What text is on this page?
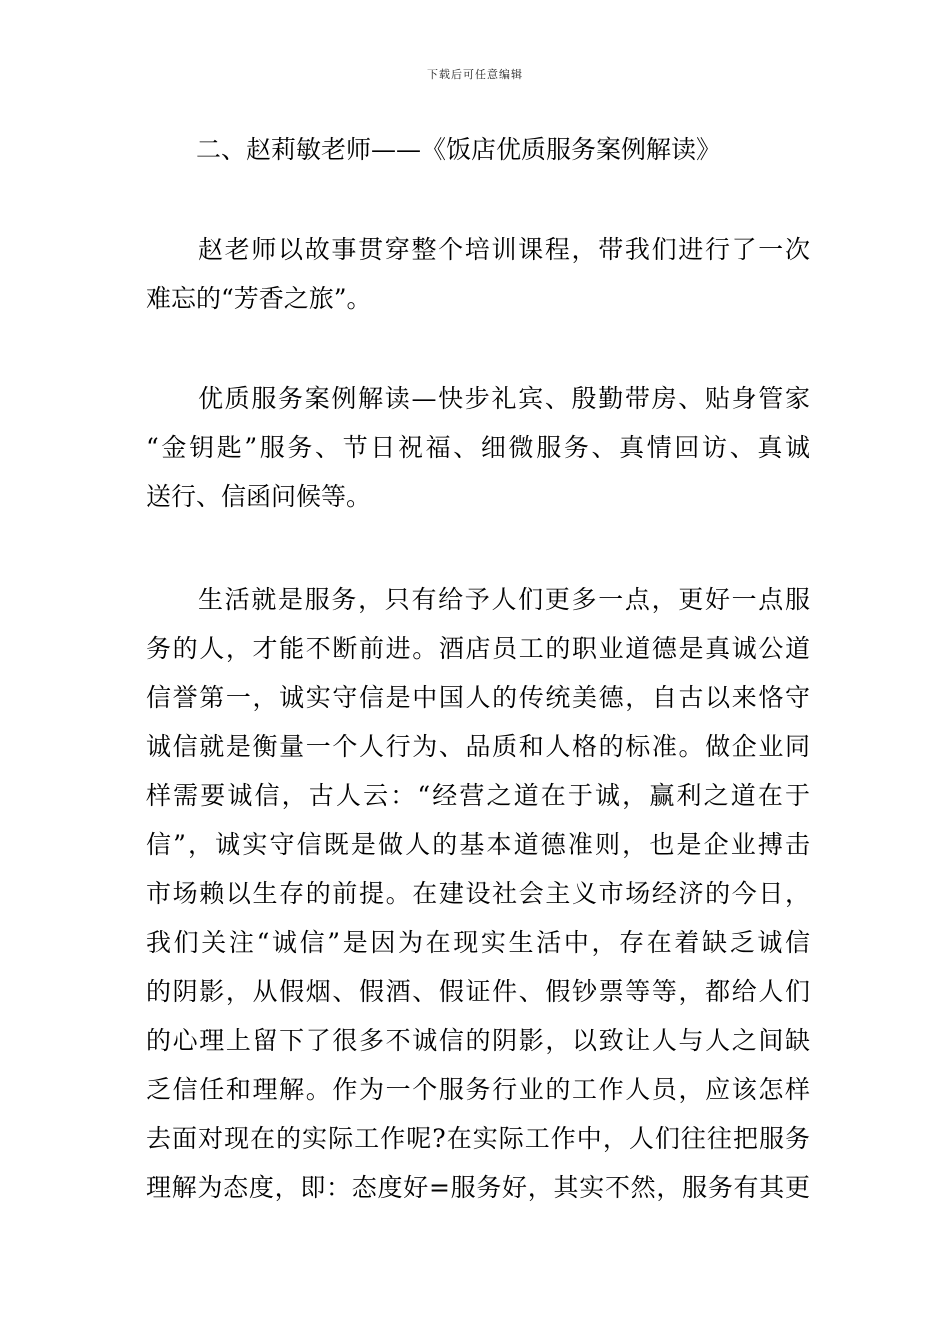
下载后可任意编辑
二、赵莉敏老师——《饭店优质服务案例解读》

赵老师以故事贯穿整个培训课程，带我们进行了一次
难忘的“芳香之旅”。

优质服务案例解读—快步礼宾、殷勤带房、贴身管家
“金钥匙”服务、节日祝福、细微服务、真情回访、真诚
送行、信函问候等。

生活就是服务，只有给予人们更多一点，更好一点服
务的人，才能不断前进。酒店员工的职业道德是真诚公道
信誉第一，诚实守信是中国人的传统美德，自古以来恪守
诚信就是衡量一个人行为、品质和人格的标准。做企业同
样需要诚信，古人云：“经营之道在于诚，赢利之道在于
信”，诚实守信既是做人的基本道德准则，也是企业搏击
市场赖以生存的前提。在建设社会主义市场经济的今日，
我们关注“诚信”是因为在现实生活中，存在着缺乏诚信
的阴影，从假烟、假酒、假证件、假钞票等等，都给人们
的心理上留下了很多不诚信的阴影，以致让人与人之间缺
乏信任和理解。作为一个服务行业的工作人员，应该怎样
去面对现在的实际工作呢?在实际工作中，人们往往把服务
理解为态度，即：态度好=服务好，其实不然，服务有其更
